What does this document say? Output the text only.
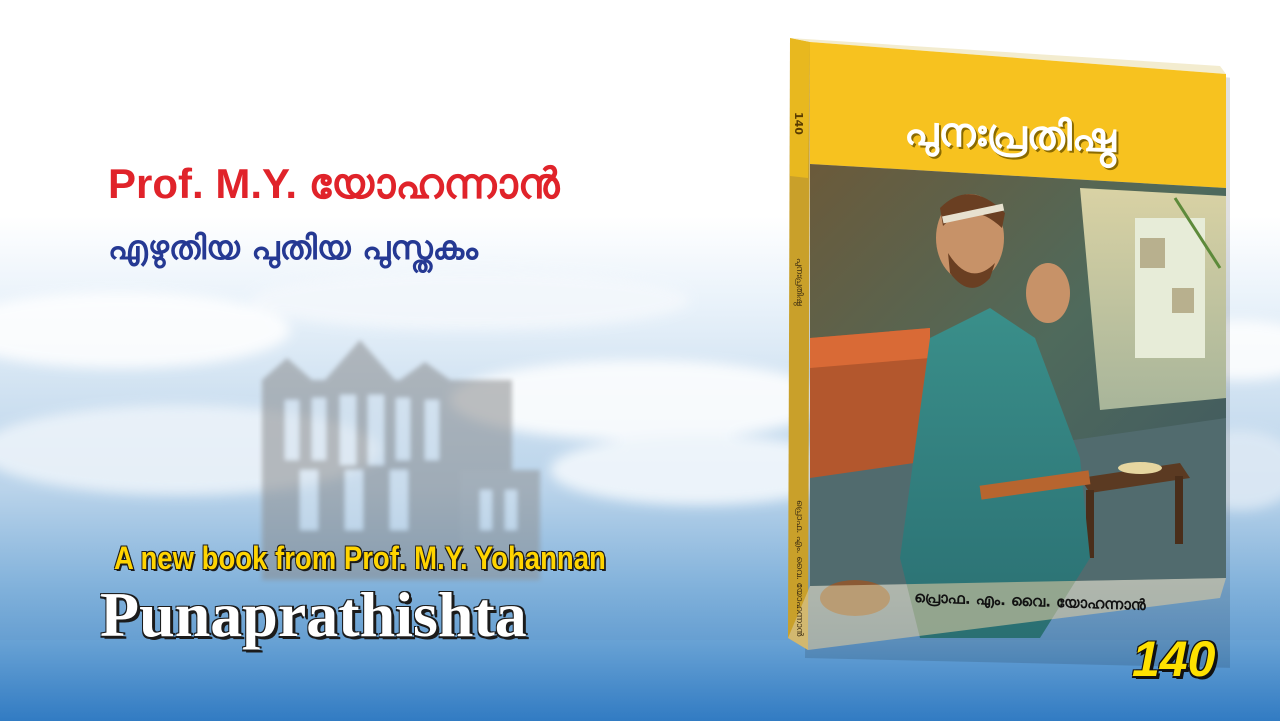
Prof. M.Y. യോഹന്നാൻ
എഴുതിയ പുതിയ പുസ്തകം
A new book from Prof. M.Y. Yohannan
Punaprathishta
പുനഃപ്രതിഷ്ഠ
പ്രൊഫ. എം. വൈ. യോഹന്നാൻ
140
പുനഃപ്രതിഷ്ഠ
പ്രൊഫ. എം. വൈ. യോഹന്നാൻ
140
